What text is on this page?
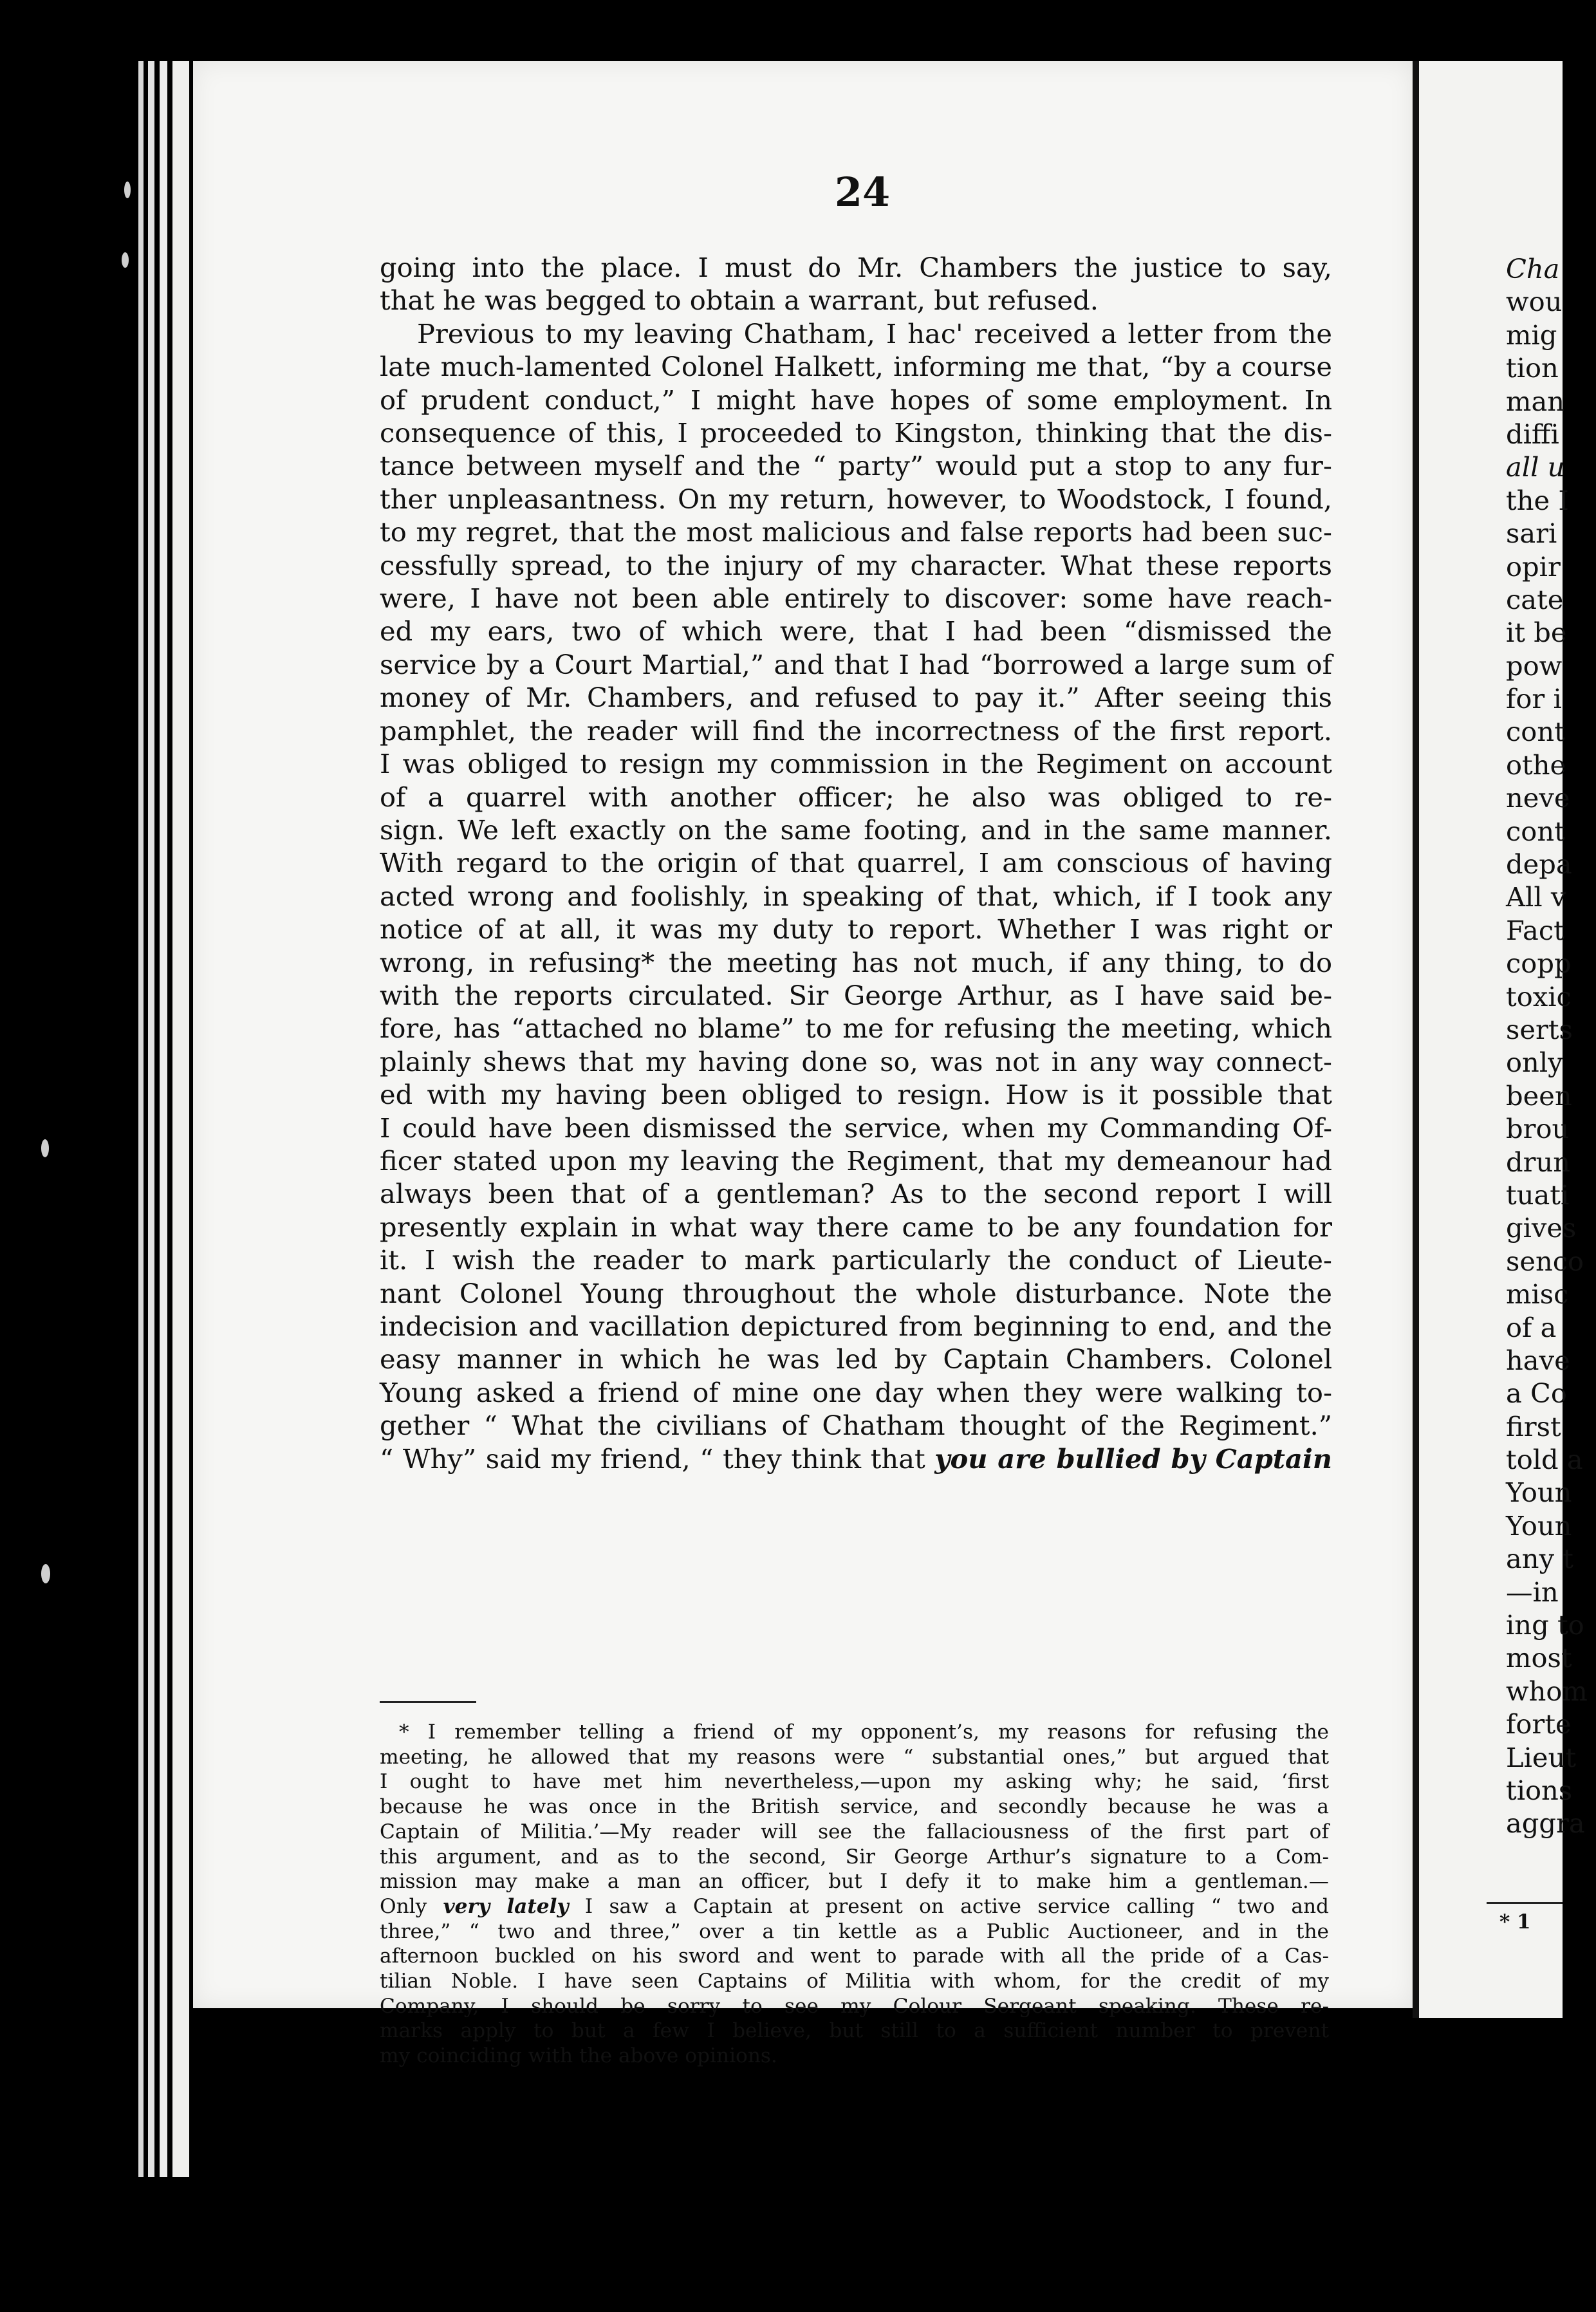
24

going into the place. I must do Mr. Chambers the justice to say,

that he was begged to obtain a warrant, but refused.

Previous to my leaving Chatham, I hac' received a letter from the

late much-lamented Colonel Halkett, informing me that, “by a course

of prudent conduct,” I might have hopes of some employment. In

consequence of this, I proceeded to Kingston, thinking that the dis-

tance between myself and the “ party” would put a stop to any fur-

ther unpleasantness. On my return, however, to Woodstock, I found,

to my regret, that the most malicious and false reports had been suc-

cessfully spread, to the injury of my character. What these reports

were, I have not been able entirely to discover: some have reach-

ed my ears, two of which were, that I had been “dismissed the

service by a Court Martial,” and that I had “borrowed a large sum of

money of Mr. Chambers, and refused to pay it.” After seeing this

pamphlet, the reader will find the incorrectness of the first report.

I was obliged to resign my commission in the Regiment on account

of a quarrel with another officer; he also was obliged to re-

sign. We left exactly on the same footing, and in the same manner.

With regard to the origin of that quarrel, I am conscious of having

acted wrong and foolishly, in speaking of that, which, if I took any

notice of at all, it was my duty to report. Whether I was right or

wrong, in refusing* the meeting has not much, if any thing, to do

with the reports circulated. Sir George Arthur, as I have said be-

fore, has “attached no blame” to me for refusing the meeting, which

plainly shews that my having done so, was not in any way connect-

ed with my having been obliged to resign. How is it possible that

I could have been dismissed the service, when my Commanding Of-

ficer stated upon my leaving the Regiment, that my demeanour had

always been that of a gentleman? As to the second report I will

presently explain in what way there came to be any foundation for

it. I wish the reader to mark particularly the conduct of Lieute-

nant Colonel Young throughout the whole disturbance. Note the

indecision and vacillation depictured from beginning to end, and the

easy manner in which he was led by Captain Chambers. Colonel

Young asked a friend of mine one day when they were walking to-

gether “ What the civilians of Chatham thought of the Regiment.”

“ Why” said my friend, “ they think that you are bullied by Captain

* I remember telling a friend of my opponent’s, my reasons for refusing the

meeting, he allowed that my reasons were “ substantial ones,” but argued that

I ought to have met him nevertheless,—upon my asking why; he said, ‘first

because he was once in the British service, and secondly because he was a

Captain of Militia.’—My reader will see the fallaciousness of the first part of

this argument, and as to the second, Sir George Arthur’s signature to a Com-

mission may make a man an officer, but I defy it to make him a gentleman.—

Only very lately I saw a Captain at present on active service calling “ two and

three,” “ two and three,” over a tin kettle as a Public Auctioneer, and in the

afternoon buckled on his sword and went to parade with all the pride of a Cas-

tilian Noble. I have seen Captains of Militia with whom, for the credit of my

Company, I should be sorry to see my Colour Sergeant speaking. These re-

marks apply to but a few I believe, but still to a sufficient number to prevent

my coinciding with the above opinions.

Cha
wou
mig
tion
man
diffi
all u
the I
sari
opir
cate
it be
pow
for i
cont
othe
neve
cont
depa
All v
Fact
copp
toxic
serts
only
been
brou
drun
tuati
gives
senco
misc
of a
have
a Co
first
told a
Youn
Youn
any t
—in
ing to
most
whom
forte
Lieut
tions
aggra
* 1
